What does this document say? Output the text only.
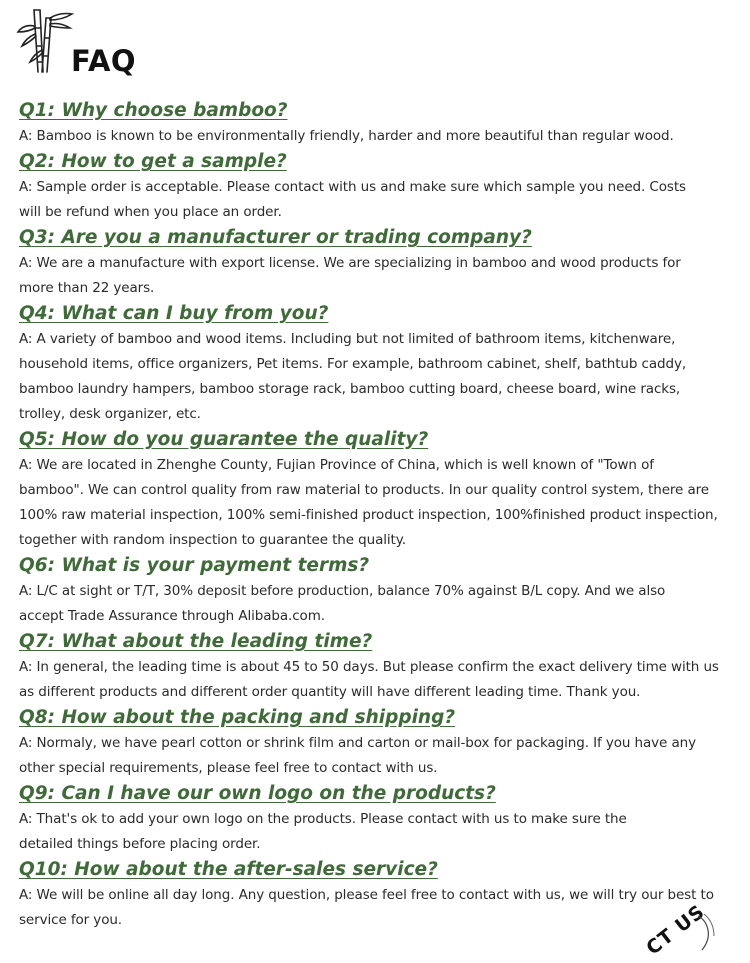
FAQ
Q1: Why choose bamboo?
A: Bamboo is known to be environmentally friendly, harder and more beautiful than regular wood.
Q2: How to get a sample?
A: Sample order is acceptable. Please contact with us and make sure which sample you need. Costs
will be refund when you place an order.
Q3: Are you a manufacturer or trading company?
A: We are a manufacture with export license. We are specializing in bamboo and wood products for
more than 22 years.
Q4: What can I buy from you?
A: A variety of bamboo and wood items. Including but not limited of bathroom items, kitchenware,
household items, office organizers, Pet items. For example, bathroom cabinet, shelf, bathtub caddy,
bamboo laundry hampers, bamboo storage rack, bamboo cutting board, cheese board, wine racks,
trolley, desk organizer, etc.
Q5: How do you guarantee the quality?
A: We are located in Zhenghe County, Fujian Province of China, which is well known of "Town of
bamboo". We can control quality from raw material to products. In our quality control system, there are
100% raw material inspection, 100% semi-finished product inspection, 100%finished product inspection,
together with random inspection to guarantee the quality.
Q6: What is your payment terms?
A: L/C at sight or T/T, 30% deposit before production, balance 70% against B/L copy. And we also
accept Trade Assurance through Alibaba.com.
Q7: What about the leading time?
A: In general, the leading time is about 45 to 50 days. But please confirm the exact delivery time with us
as different products and different order quantity will have different leading time. Thank you.
Q8: How about the packing and shipping?
A: Normaly, we have pearl cotton or shrink film and carton or mail-box for packaging. If you have any
other special requirements, please feel free to contact with us.
Q9: Can I have our own logo on the products?
A: That's ok to add your own logo on the products. Please contact with us to make sure the
detailed things before placing order.
Q10: How about the after-sales service?
A: We will be online all day long. Any question, please feel free to contact with us, we will try our best to
service for you.	CT US
